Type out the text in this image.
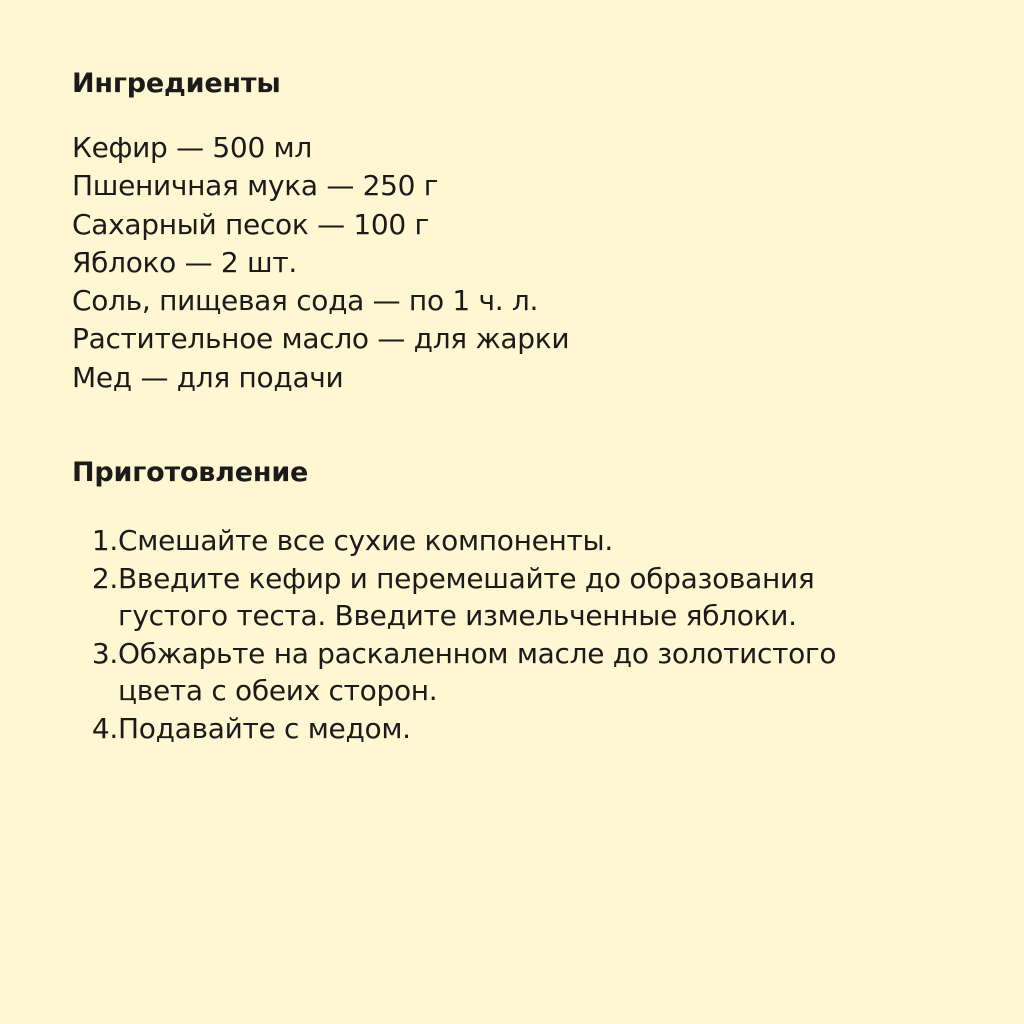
Ингредиенты
Кефир — 500 мл
Пшеничная мука — 250 г
Сахарный песок — 100 г
Яблоко — 2 шт.
Соль, пищевая сода — по 1 ч. л.
Растительное масло — для жарки
Мед — для подачи
Приготовление
1. Смешайте все сухие компоненты.
2. Введите кефир и перемешайте до образования
густого теста. Введите измельченные яблоки.
3. Обжарьте на раскаленном масле до золотистого
цвета с обеих сторон.
4. Подавайте с медом.
